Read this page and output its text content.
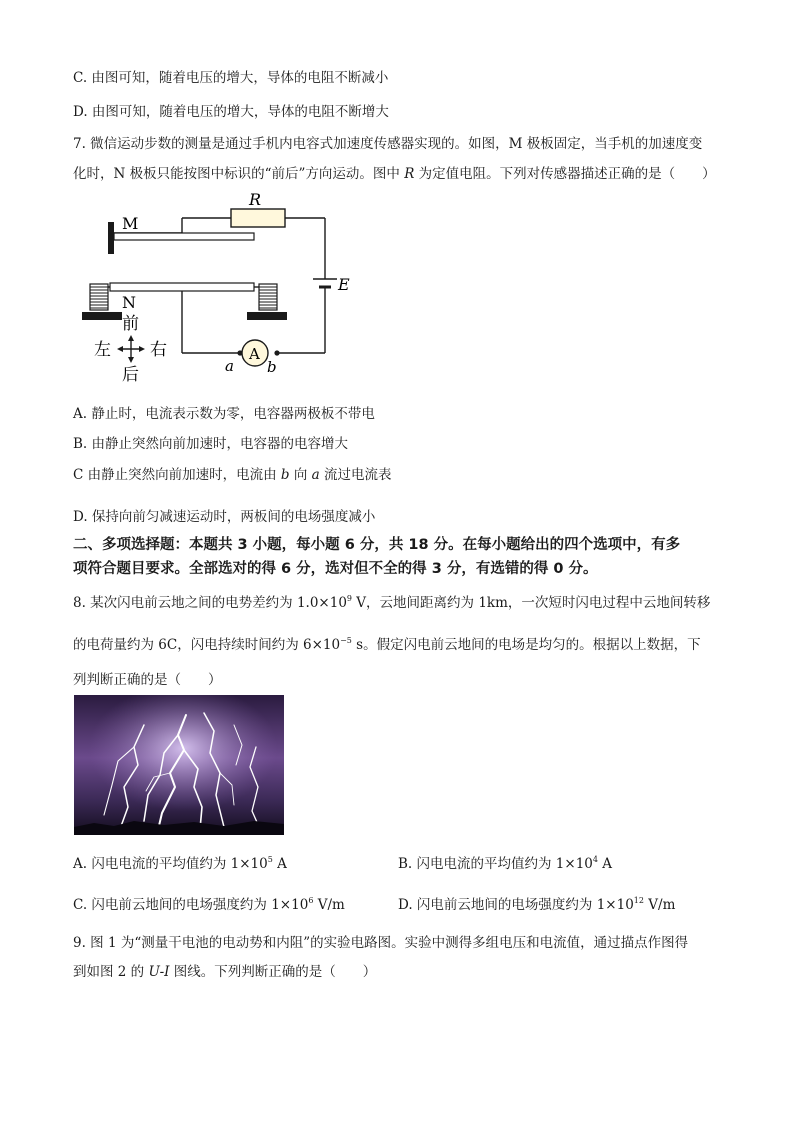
C. 由图可知，随着电压的增大，导体的电阻不断减小
D. 由图可知，随着电压的增大，导体的电阻不断增大
7. 微信运动步数的测量是通过手机内电容式加速度传感器实现的。如图，M 极板固定，当手机的加速度变
化时，N 极板只能按图中标识的“前后”方向运动。图中 R 为定值电阻。下列对传感器描述正确的是（　　）
M
R
E
N
A
a b
前
左 右
后
A. 静止时，电流表示数为零，电容器两极板不带电
B. 由静止突然向前加速时，电容器的电容增大
C 由静止突然向前加速时，电流由 b 向 a 流过电流表
D. 保持向前匀减速运动时，两板间的电场强度减小
二、多项选择题：本题共 3 小题，每小题 6 分，共 18 分。在每小题给出的四个选项中，有多
项符合题目要求。全部选对的得 6 分，选对但不全的得 3 分，有选错的得 0 分。
8. 某次闪电前云地之间的电势差约为 $1.0\times 10^9$ V，云地间距离约为 1km，一次短时闪电过程中云地间转移
的电荷量约为 6C，闪电持续时间约为 $6\times 10^{-5}$ s。假定闪电前云地间的电场是均匀的。根据以上数据，下
列判断正确的是（　　）
A. 闪电电流的平均值约为 $1\times 10^5$ A	B. 闪电电流的平均值约为 $1\times 10^4$ A
C. 闪电前云地间的电场强度约为 $1\times 10^6$ V/m	D. 闪电前云地间的电场强度约为 $1\times 10^{12}$ V/m
9. 图 1 为“测量干电池的电动势和内阻”的实验电路图。实验中测得多组电压和电流值，通过描点作图得
到如图 2 的 U-I 图线。下列判断正确的是（　　）
